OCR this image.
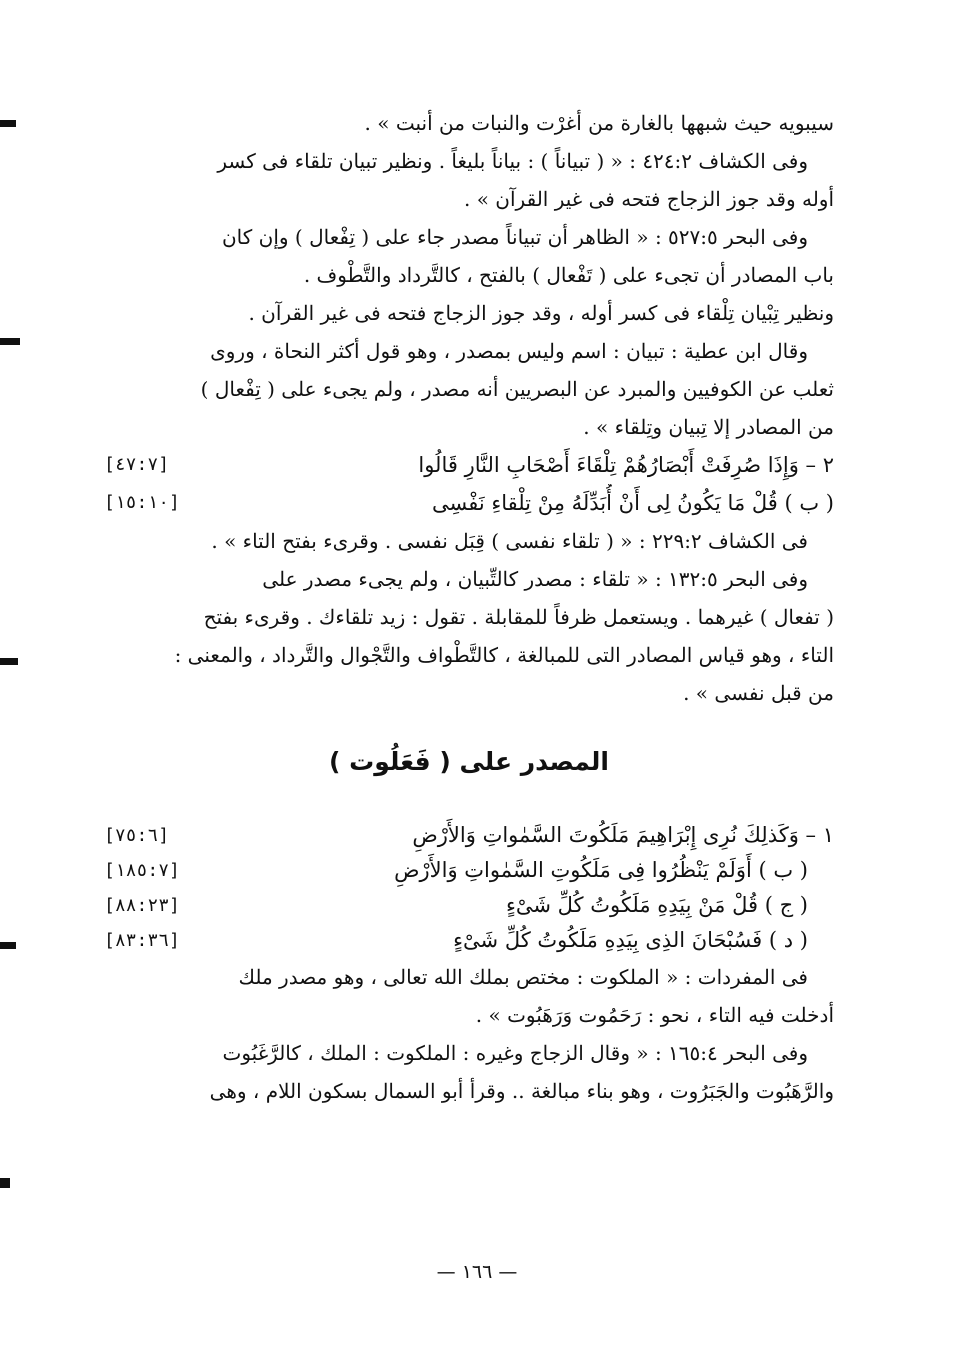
سيبويه حيث شبهها بالغارة من أغرْت والنبات من أنبت » .
وفى الكشاف ٤٢٤:٢ : « ( تبياناً ) : بياناً بليغاً . ونظير تبيان تلقاء فى كسر
أوله وقد جوز الزجاج فتحه فى غير القرآن » .
وفى البحر ٥٢٧:٥ : « الظاهر أن تبياناً مصدر جاء على ( تِفْعال ) وإن كان
باب المصادر أن تجىء على ( تَفْعال ) بالفتح ، كالتَّرداد والتَّطْوف .
ونظير تِبْيان تِلْقاء فى كسر أوله ، وقد جوز الزجاج فتحه فى غير القرآن .
وقال ابن عطية : تبيان : اسم وليس بمصدر ، وهو قول أكثر النحاة ، وروى
ثعلب عن الكوفيين والمبرد عن البصريين أنه مصدر ، ولم يجىء على ( تِفْعال )
من المصادر إلا تِبيان وتِلقاء » .
٢ – وَإِذَا صُرِفَتْ أَبْصَارُهُمْ تِلْقَاءَ أَصْحَابِ النَّارِ قَالُوا
[٤٧:٧]
( ب ) قُلْ مَا يَكُونُ لِى أَنْ أُبَدِّلَهُ مِنْ تِلْقاءِ نَفْسِى
[١٥:١٠]
فى الكشاف ٢٢٩:٢ : « ( تلقاء نفسى ) قِبَل نفسى . وقرىء بفتح التاء » .
وفى البحر ١٣٢:٥ : « تلقاء : مصدر كالتِّبيان ، ولم يجىء مصدر على
( تفعال ) غيرهما . ويستعمل ظرفاً للمقابلة . تقول : زيد تلقاءك . وقرىء بفتح
التاء ، وهو قياس المصادر التى للمبالغة ، كالتَّطْواف والتَّجْوال والتَّرداد ، والمعنى :
من قبل نفسى » .
المصدر على ( فَعَلُوت )
١ – وَكَذلِكَ نُرِى إِبْرَاهِيمَ مَلَكُوتَ السَّمٰواتِ وَالأَرْضِ
[٧٥:٦]
( ب ) أَوَلَمْ يَنْظُرُوا فِى مَلَكُوتِ السَّمٰواتِ وَالأَرْضِ
[١٨٥:٧]
( ج ) قُلْ مَنْ بِيَدِهِ مَلَكُوتُ كُلِّ شَىْءٍ
[٨٨:٢٣]
( د ) فَسُبْحَانَ الذِى بِيَدِهِ مَلَكُوتُ كُلِّ شَىْءٍ
[٨٣:٣٦]
فى المفردات : « الملكوت : مختص بملك الله تعالى ، وهو مصدر ملك
أدخلت فيه التاء ، نحو : رَحَمُوت وَرَهَبُوت » .
وفى البحر ١٦٥:٤ : « وقال الزجاج وغيره : الملكوت : الملك ، كالرَّغَبُوت
والرَّهَبُوت والجَبَرُوت ، وهو بناء مبالغة .. وقرأ أبو السمال بسكون اللام ، وهى
— ١٦٦ —
